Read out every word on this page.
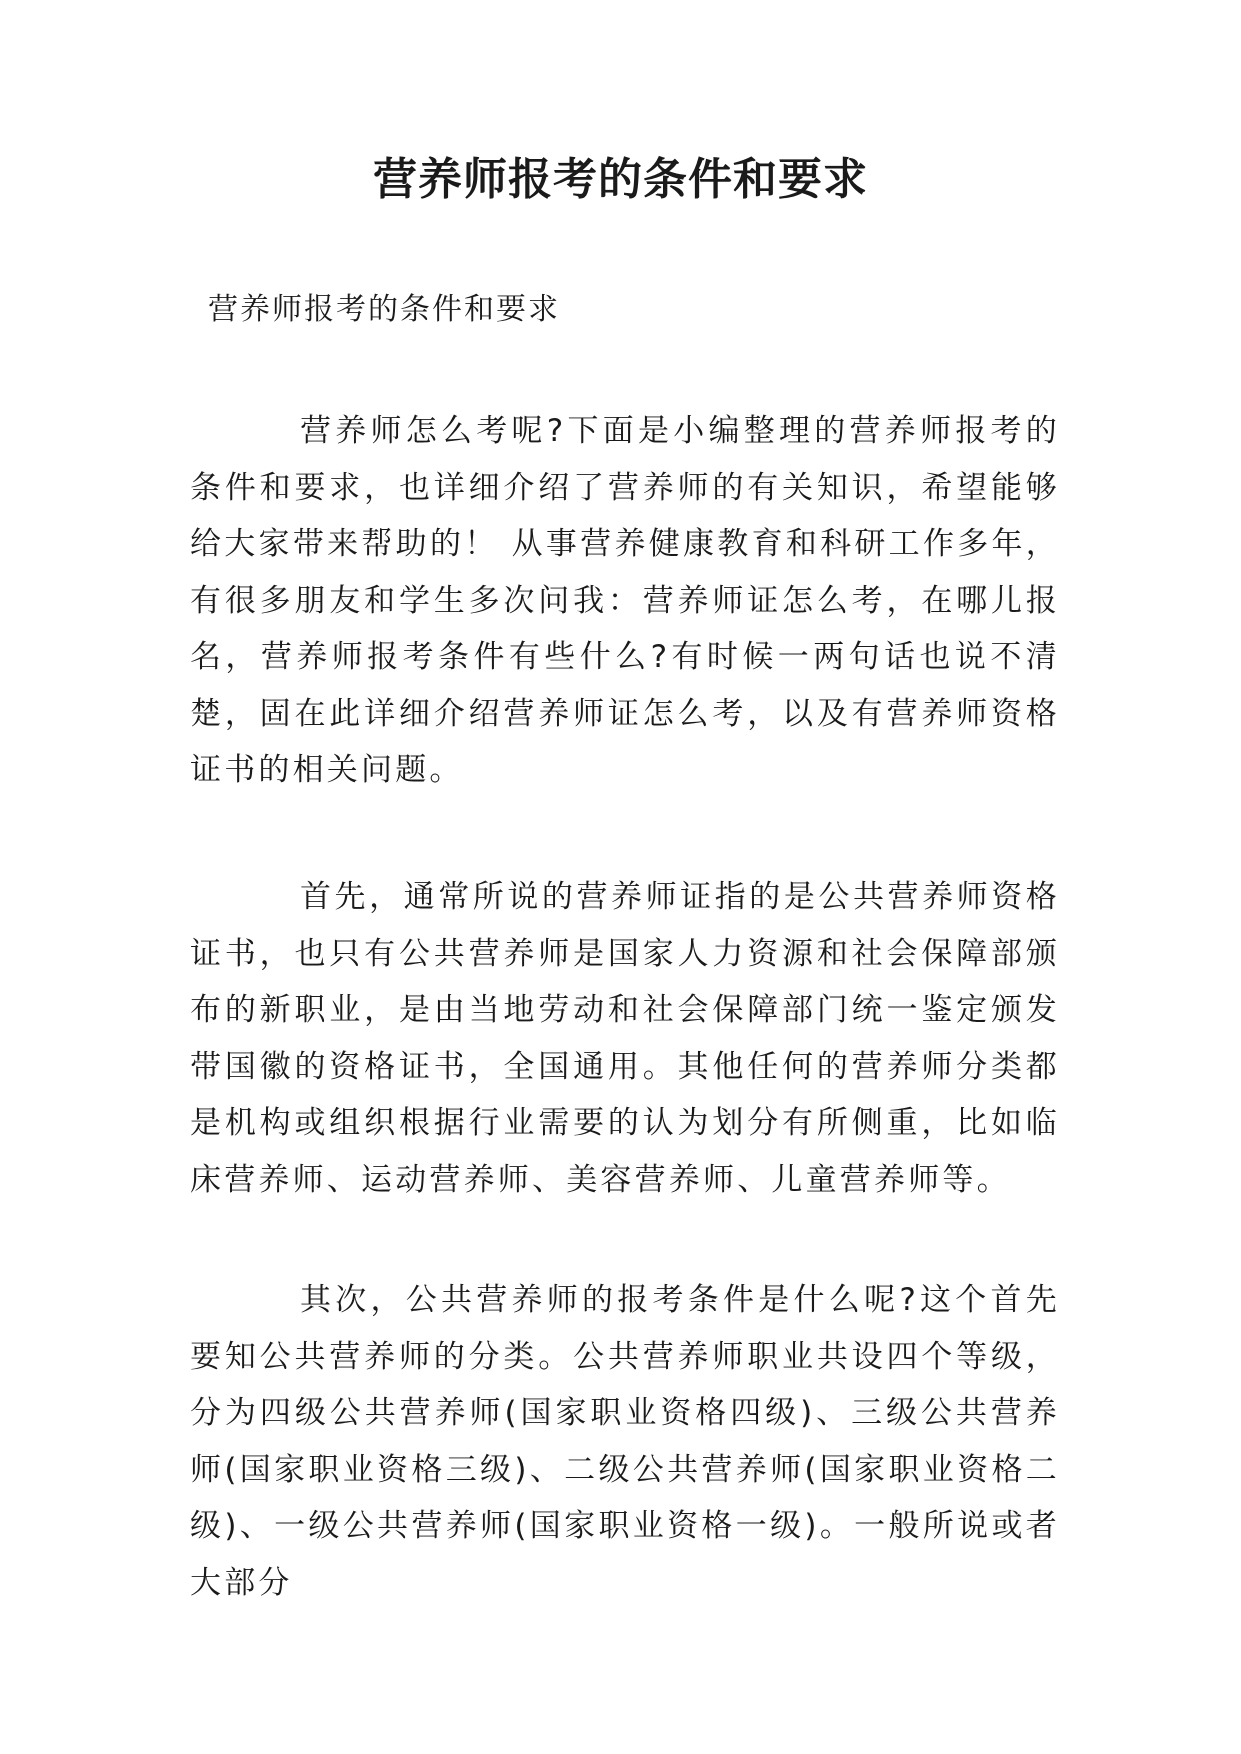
营养师报考的条件和要求

营养师报考的条件和要求

营养师怎么考呢?下面是小编整理的营养师报考的条件和要求，也详细介绍了营养师的有关知识，希望能够给大家带来帮助的！ 从事营养健康教育和科研工作多年，有很多朋友和学生多次问我：营养师证怎么考，在哪儿报名，营养师报考条件有些什么?有时候一两句话也说不清楚，固在此详细介绍营养师证怎么考，以及有营养师资格证书的相关问题。

首先，通常所说的营养师证指的是公共营养师资格证书，也只有公共营养师是国家人力资源和社会保障部颁布的新职业，是由当地劳动和社会保障部门统一鉴定颁发带国徽的资格证书，全国通用。其他任何的营养师分类都是机构或组织根据行业需要的认为划分有所侧重，比如临床营养师、运动营养师、美容营养师、儿童营养师等。

其次，公共营养师的报考条件是什么呢?这个首先要知公共营养师的分类。公共营养师职业共设四个等级，分为四级公共营养师(国家职业资格四级)、三级公共营养师(国家职业资格三级)、二级公共营养师(国家职业资格二级)、一级公共营养师(国家职业资格一级)。一般所说或者大部分
